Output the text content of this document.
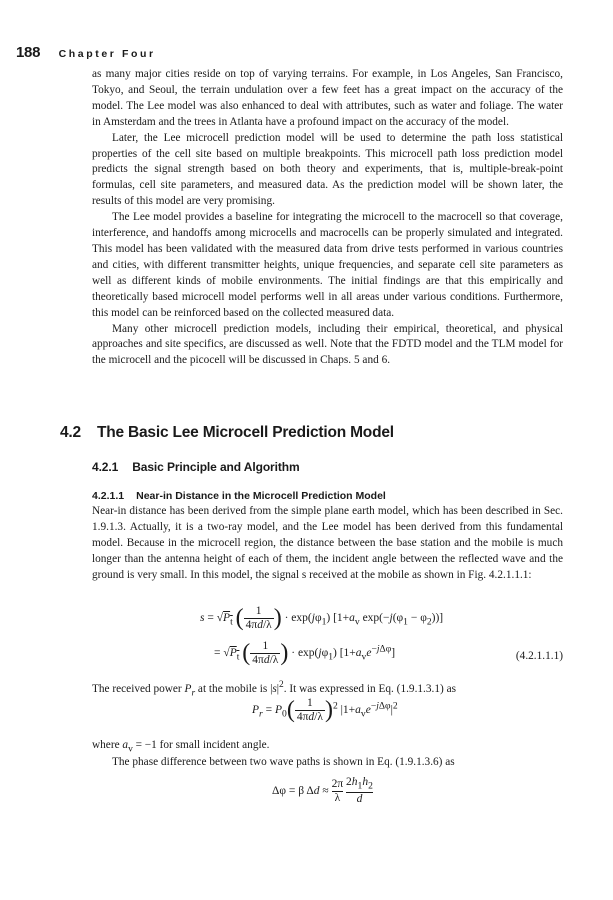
188 Chapter Four

as many major cities reside on top of varying terrains. For example, in Los Angeles, San Francisco, Tokyo, and Seoul, the terrain undulation over a few feet has a great impact on the accuracy of the model. The Lee model was also enhanced to deal with attributes, such as water and foliage. The water in Amsterdam and the trees in Atlanta have a profound impact on the accuracy of the model.

Later, the Lee microcell prediction model will be used to determine the path loss statistical properties of the cell site based on multiple breakpoints. This microcell path loss prediction model predicts the signal strength based on both theory and experiments, that is, multiple-break-point formulas, cell site parameters, and measured data. As the prediction model will be shown later, the results of this model are very promising.

The Lee model provides a baseline for integrating the microcell to the macrocell so that coverage, interference, and handoffs among microcells and macrocells can be properly simulated and integrated. This model has been validated with the measured data from drive tests performed in various countries and cities, with different transmitter heights, unique frequencies, and separate cell site parameters as well as different kinds of mobile environments. The initial findings are that this empirically and theoretically based microcell model performs well in all areas under various conditions. Furthermore, this model can be reinforced based on the collected measured data.

Many other microcell prediction models, including their empirical, theoretical, and physical approaches and site specifics, are discussed as well. Note that the FDTD model and the TLM model for the microcell and the picocell will be discussed in Chaps. 5 and 6.

4.2 The Basic Lee Microcell Prediction Model
4.2.1 Basic Principle and Algorithm
4.2.1.1 Near-in Distance in the Microcell Prediction Model

Near-in distance has been derived from the simple plane earth model, which has been described in Sec. 1.9.1.3. Actually, it is a two-ray model, and the Lee model has been derived from this fundamental model. Because in the microcell region, the distance between the base station and the mobile is much longer than the antenna height of each of them, the incident angle between the reflected wave and the ground is very small. In this model, the signal s received at the mobile as shown in Fig. 4.2.1.1.1:

$s = √P_t$ ( $\frac{1}{4\pi d/\lambda}$ ) · $\exp(j\varphi_1)$ [$1+a_v$ $\exp(-j(\varphi_1 - \varphi_2))$]
= $√P_t$ ( $\frac{1}{4\pi d/\lambda}$ ) · $\exp(j\varphi_1)$ $[1+a_ve^{-j\Delta\varphi}]$	(4.2.1.1.1)
The received power $P_r$ at the mobile is $|s|^2$. It was expressed in Eq. (1.9.1.3.1) as
$P_r = P_0( \frac{1}{4\pi d/\lambda} )^2$ $|1+a_ve^{-j\Delta\varphi}|^2$
where $a_v = -1$ for small incident angle.
The phase difference between two wave paths is shown in Eq. (1.9.1.3.6) as
Δφ = β $\Delta d \approx \frac{2\pi}{\lambda}$
$\frac{2h_1h_2}{d}$
